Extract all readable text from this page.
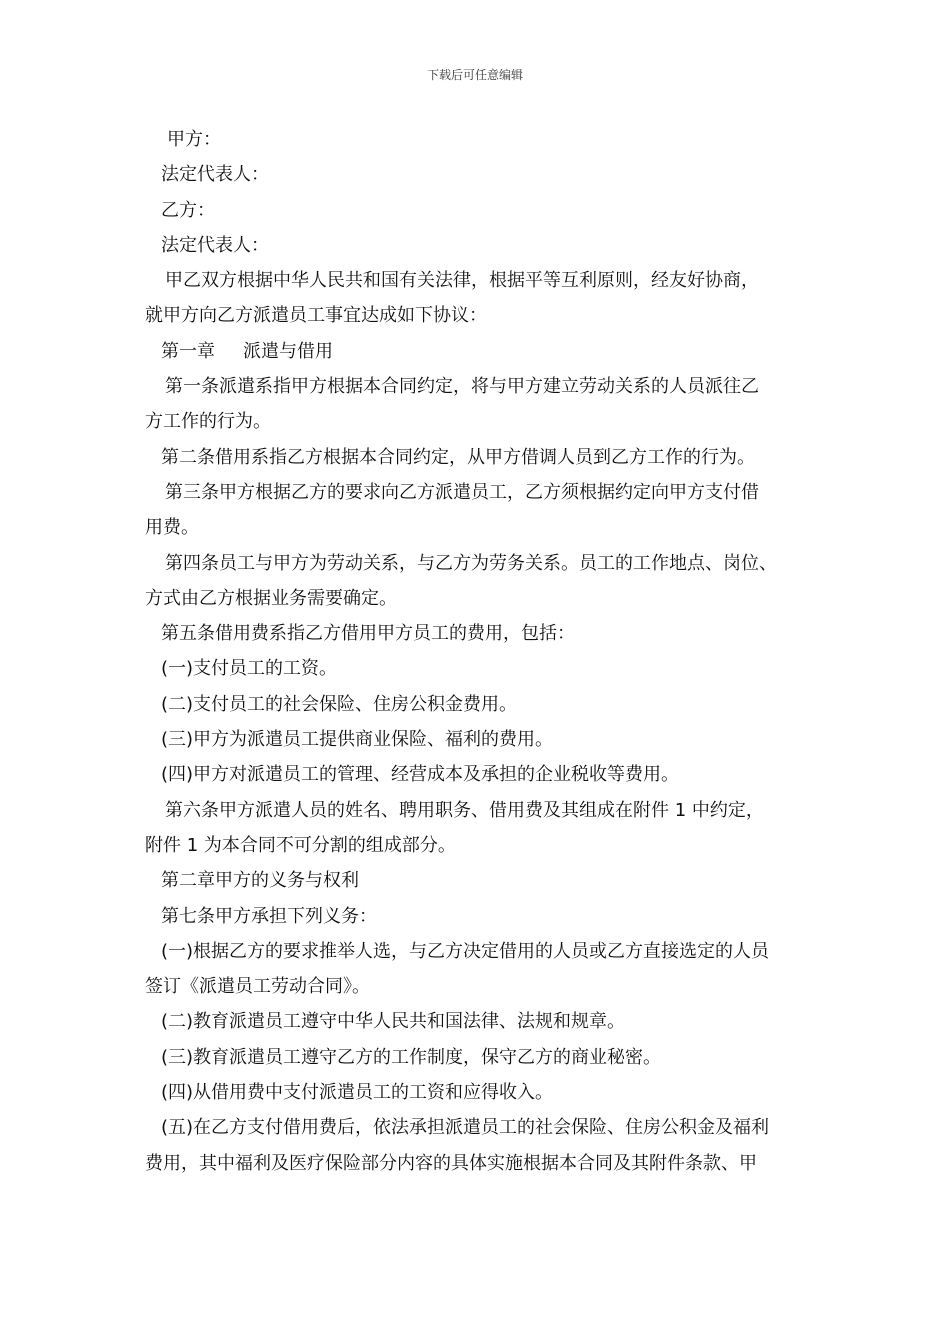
下载后可任意编辑
甲方：
法定代表人：
乙方：
法定代表人：
甲乙双方根据中华人民共和国有关法律，根据平等互利原则，经友好协商，
就甲方向乙方派遣员工事宜达成如下协议：
第一章 派遣与借用
第一条派遣系指甲方根据本合同约定，将与甲方建立劳动关系的人员派往乙
方工作的行为。
第二条借用系指乙方根据本合同约定，从甲方借调人员到乙方工作的行为。
第三条甲方根据乙方的要求向乙方派遣员工，乙方须根据约定向甲方支付借
用费。
第四条员工与甲方为劳动关系，与乙方为劳务关系。员工的工作地点、岗位、
方式由乙方根据业务需要确定。
第五条借用费系指乙方借用甲方员工的费用，包括：
(一)支付员工的工资。
(二)支付员工的社会保险、住房公积金费用。
(三)甲方为派遣员工提供商业保险、福利的费用。
(四)甲方对派遣员工的管理、经营成本及承担的企业税收等费用。
第六条甲方派遣人员的姓名、聘用职务、借用费及其组成在附件 1 中约定，
附件 1 为本合同不可分割的组成部分。
第二章甲方的义务与权利
第七条甲方承担下列义务：
(一)根据乙方的要求推举人选，与乙方决定借用的人员或乙方直接选定的人员
签订《派遣员工劳动合同》。
(二)教育派遣员工遵守中华人民共和国法律、法规和规章。
(三)教育派遣员工遵守乙方的工作制度，保守乙方的商业秘密。
(四)从借用费中支付派遣员工的工资和应得收入。
(五)在乙方支付借用费后，依法承担派遣员工的社会保险、住房公积金及福利
费用，其中福利及医疗保险部分内容的具体实施根据本合同及其附件条款、甲
